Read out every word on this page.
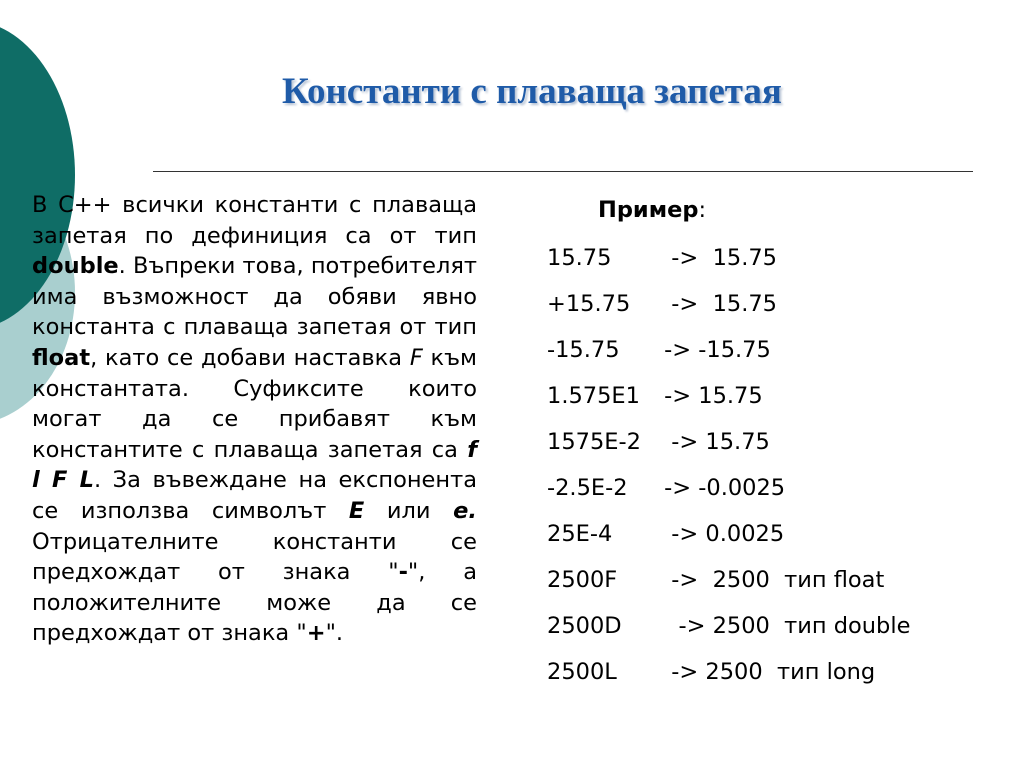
Константи с плаваща запетая

В C++ всички константи с плаваща запетая по дефиниция са от тип double. Въпреки това, потребителят има възможност да обяви явно константа с плаваща запетая от тип float, като се добави наставка F към константата. Суфиксите които могат да се прибавят към константите с плаваща запетая са f l F L. За въвеждане на експонента се използва символът E или e. Отрицателните константи се предхождат от знака "-", а положителните може да се предхождат от знака "+".

Пример:
15.75  ->  15.75
+15.75  ->  15.75
-15.75 -> -15.75
1.575E1 -> 15.75
1575E-2  -> 15.75
-2.5E-2 -> -0.0025
25E-4  -> 0.0025
2500F  ->  2500  тип float
2500D   -> 2500  тип double
2500L  -> 2500  тип long
